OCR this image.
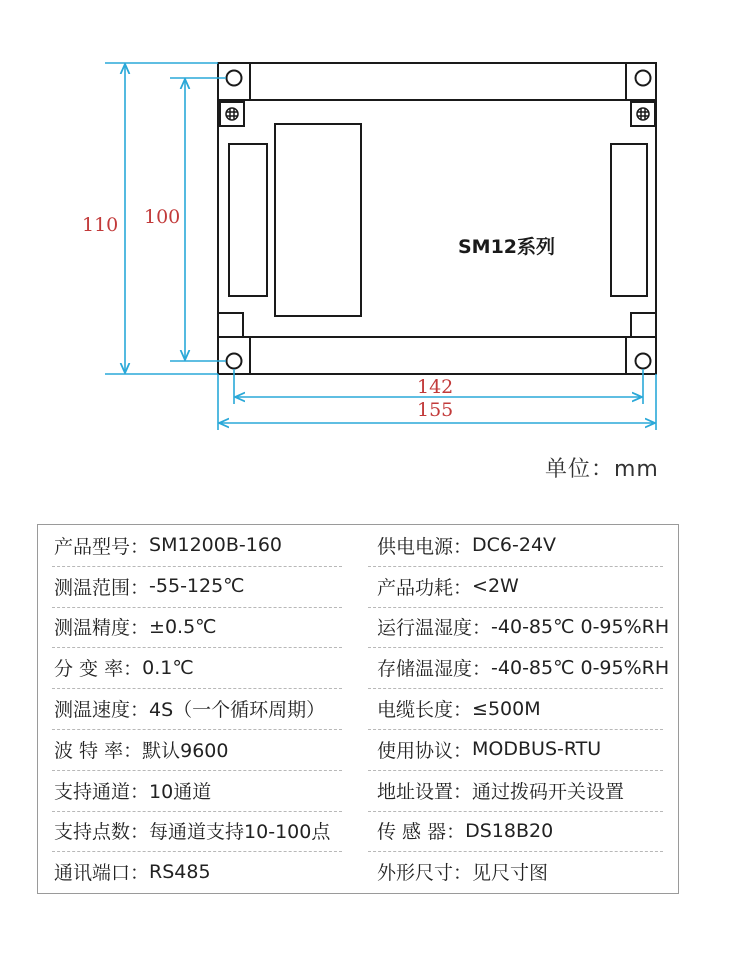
SM12系列
110 100
142
155
单位：mm
产品型号 ： SM1200B-160
测温范围 ： -55-125℃
测温精度 ： ±0.5℃
分 变 率 ： 0.1℃
测温速度 ： 4S（一个循环周期）
波 特 率 ： 默认9600
支持通道 ： 10通道
支持点数 ： 每通道支持10-100点
通讯端口 ： RS485
供电电源 ： DC6-24V
产品功耗 ： <2W
运行温湿度 ： -40-85℃ 0-95%RH
存储温湿度 ： -40-85℃ 0-95%RH
电缆长度 ： ≤500M
使用协议 ： MODBUS-RTU
地址设置 ： 通过拨码开关设置
传 感 器 ： DS18B20
外形尺寸 ： 见尺寸图
